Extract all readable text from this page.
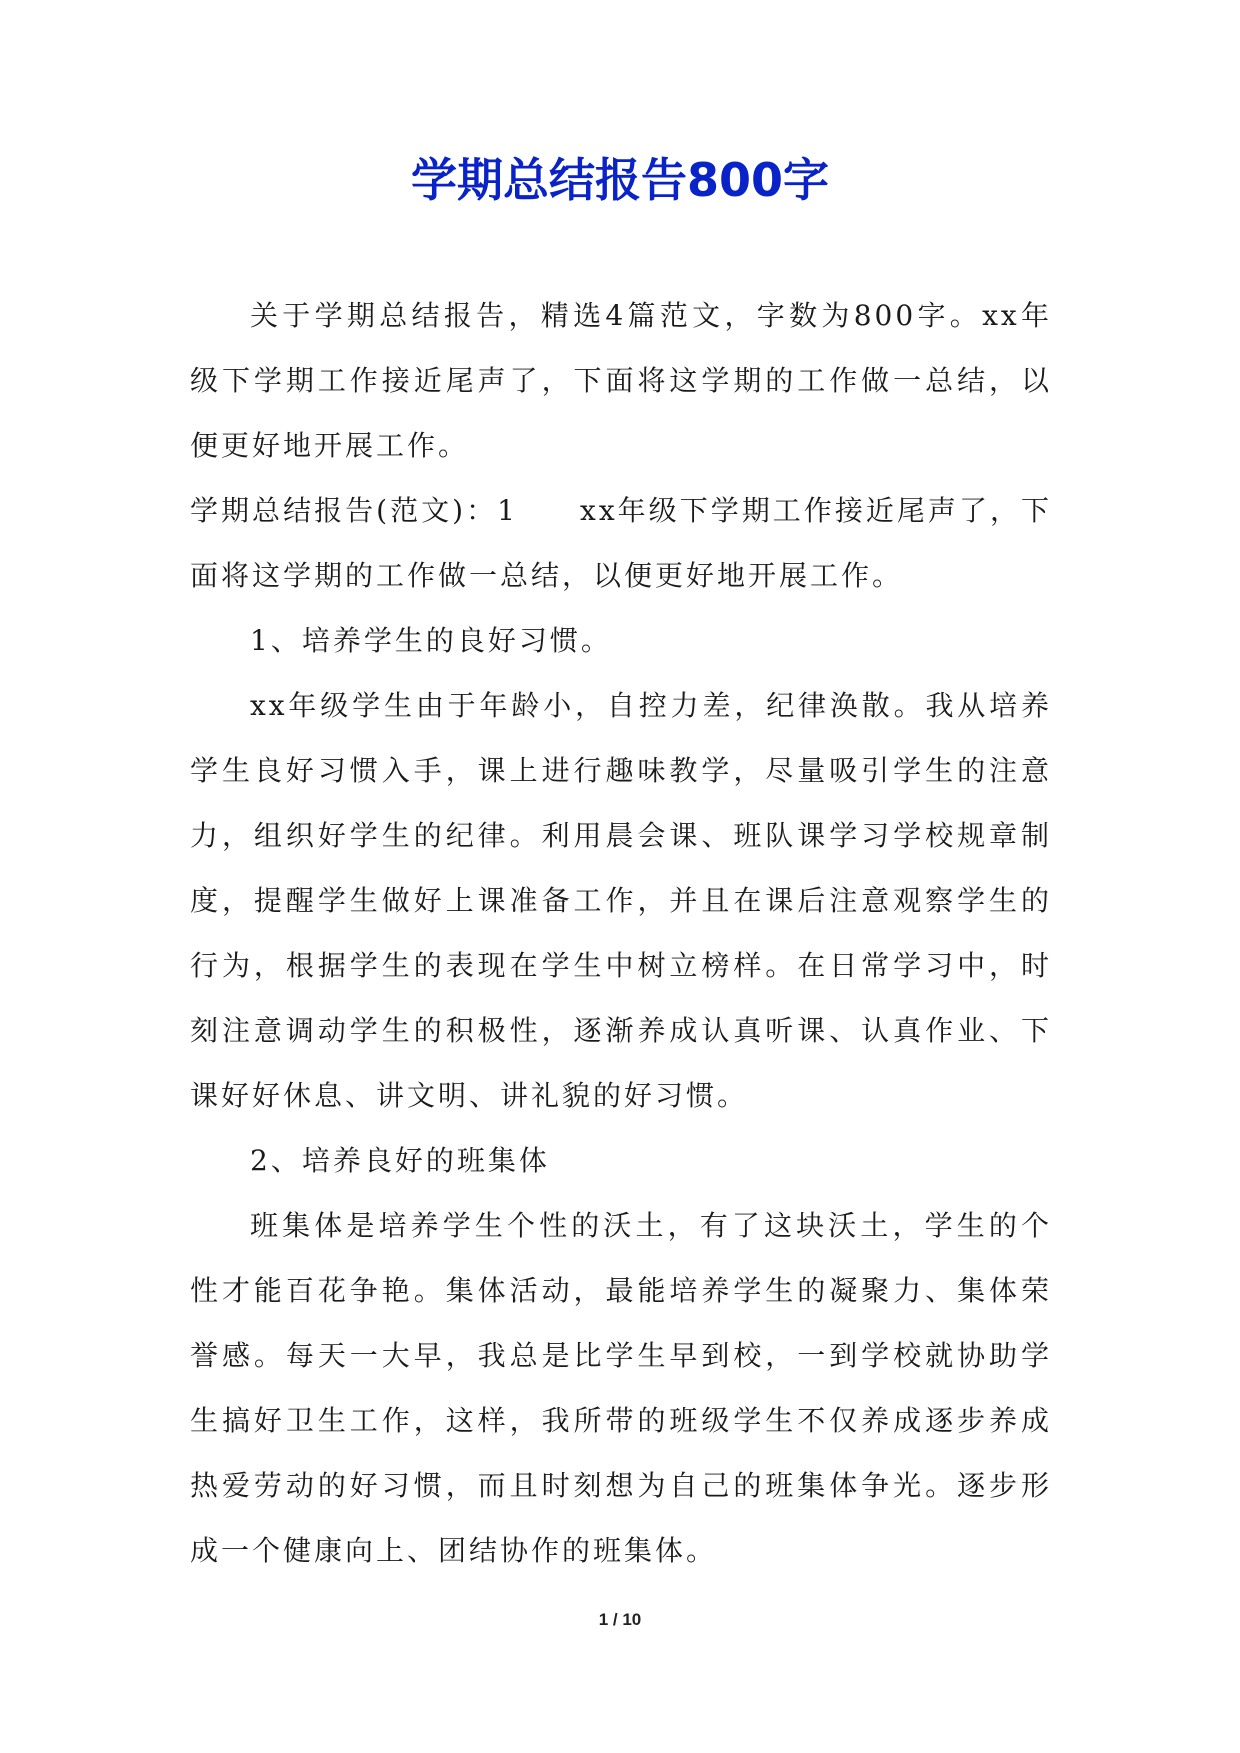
学期总结报告800字

关于学期总结报告，精选4篇范文，字数为800字。xx年级下学期工作接近尾声了，下面将这学期的工作做一总结，以便更好地开展工作。

学期总结报告(范文)：1　　xx年级下学期工作接近尾声了，下面将这学期的工作做一总结，以便更好地开展工作。

1、培养学生的良好习惯。

xx年级学生由于年龄小，自控力差，纪律涣散。我从培养学生良好习惯入手，课上进行趣味教学，尽量吸引学生的注意力，组织好学生的纪律。利用晨会课、班队课学习学校规章制度，提醒学生做好上课准备工作，并且在课后注意观察学生的行为，根据学生的表现在学生中树立榜样。在日常学习中，时刻注意调动学生的积极性，逐渐养成认真听课、认真作业、下课好好休息、讲文明、讲礼貌的好习惯。

2、培养良好的班集体

班集体是培养学生个性的沃土，有了这块沃土，学生的个性才能百花争艳。集体活动，最能培养学生的凝聚力、集体荣誉感。每天一大早，我总是比学生早到校，一到学校就协助学生搞好卫生工作，这样，我所带的班级学生不仅养成逐步养成热爱劳动的好习惯，而且时刻想为自己的班集体争光。逐步形成一个健康向上、团结协作的班集体。

1 / 10
